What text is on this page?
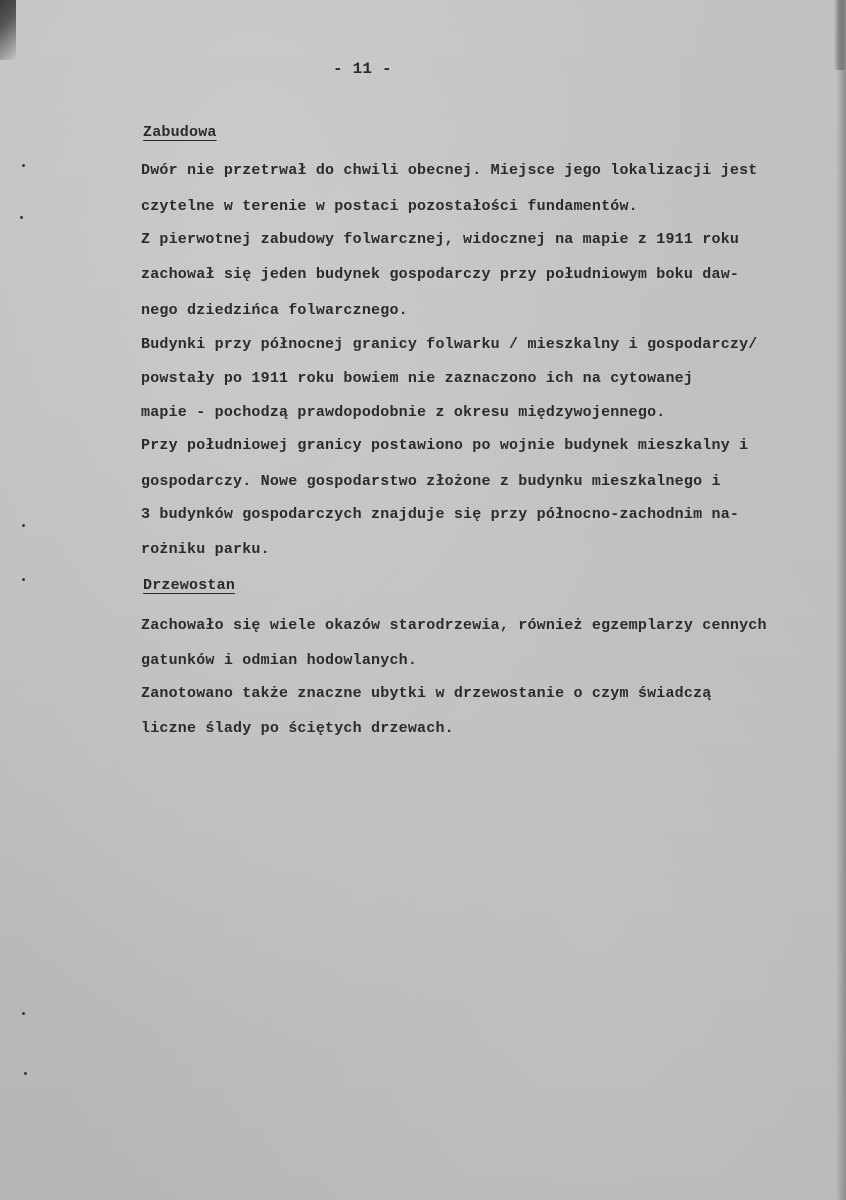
- 11 -
Zabudowa
Dwór nie przetrwał do chwili obecnej. Miejsce jego lokalizacji jest
czytelne w terenie w postaci pozostałości fundamentów.
Z pierwotnej zabudowy folwarcznej, widocznej na mapie z 1911 roku
zachował się jeden budynek gospodarczy przy południowym boku daw-
nego dziedzińca folwarcznego.
Budynki przy północnej granicy folwarku / mieszkalny i gospodarczy/
powstały po 1911 roku bowiem nie zaznaczono ich na cytowanej
mapie - pochodzą prawdopodobnie z okresu międzywojennego.
Przy południowej granicy postawiono po wojnie budynek mieszkalny i
gospodarczy. Nowe gospodarstwo złożone z budynku mieszkalnego i
3 budynków gospodarczych znajduje się przy północno-zachodnim na-
rożniku parku.
Drzewostan
Zachowało się wiele okazów starodrzewia, również egzemplarzy cennych
gatunków i odmian hodowlanych.
Zanotowano także znaczne ubytki w drzewostanie o czym świadczą
liczne ślady po ściętych drzewach.
